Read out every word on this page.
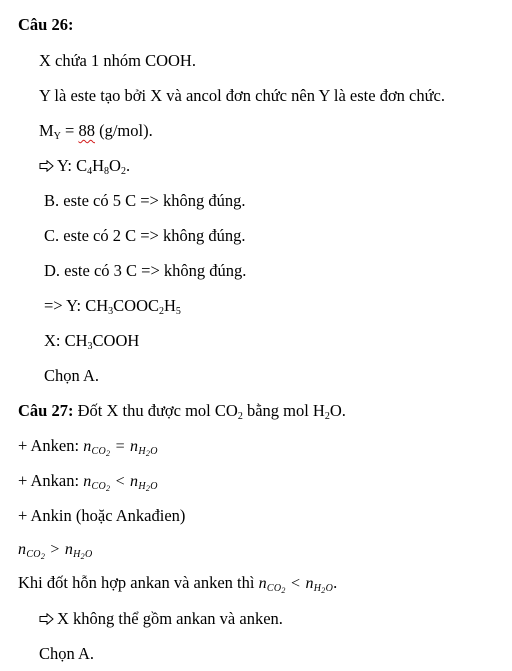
Câu 26:
X chứa 1 nhóm COOH.
Y là este tạo bởi X và ancol đơn chức nên Y là este đơn chức.
$M_Y = 88$ (g/mol).
Y: $C_4H_8O_2$.
B. este có 5 C => không đúng.
C. este có 2 C => không đúng.
D. este có 3 C => không đúng.
=> Y: $CH_3COOC_2H_5$
X: $CH_3COOH$
Chọn A.
Câu 27: Đốt X thu được mol $CO_2$ bằng mol $H_2O$.
+ Anken: $n_{CO_2} = n_{H_2O}$
+ Ankan: $n_{CO_2} < n_{H_2O}$
+ Ankin (hoặc Ankađien)
$n_{CO_2} > n_{H_2O}$
Khi đốt hỗn hợp ankan và anken thì $n_{CO_2} < n_{H_2O}$.
X không thể gồm ankan và anken.
Chọn A.
